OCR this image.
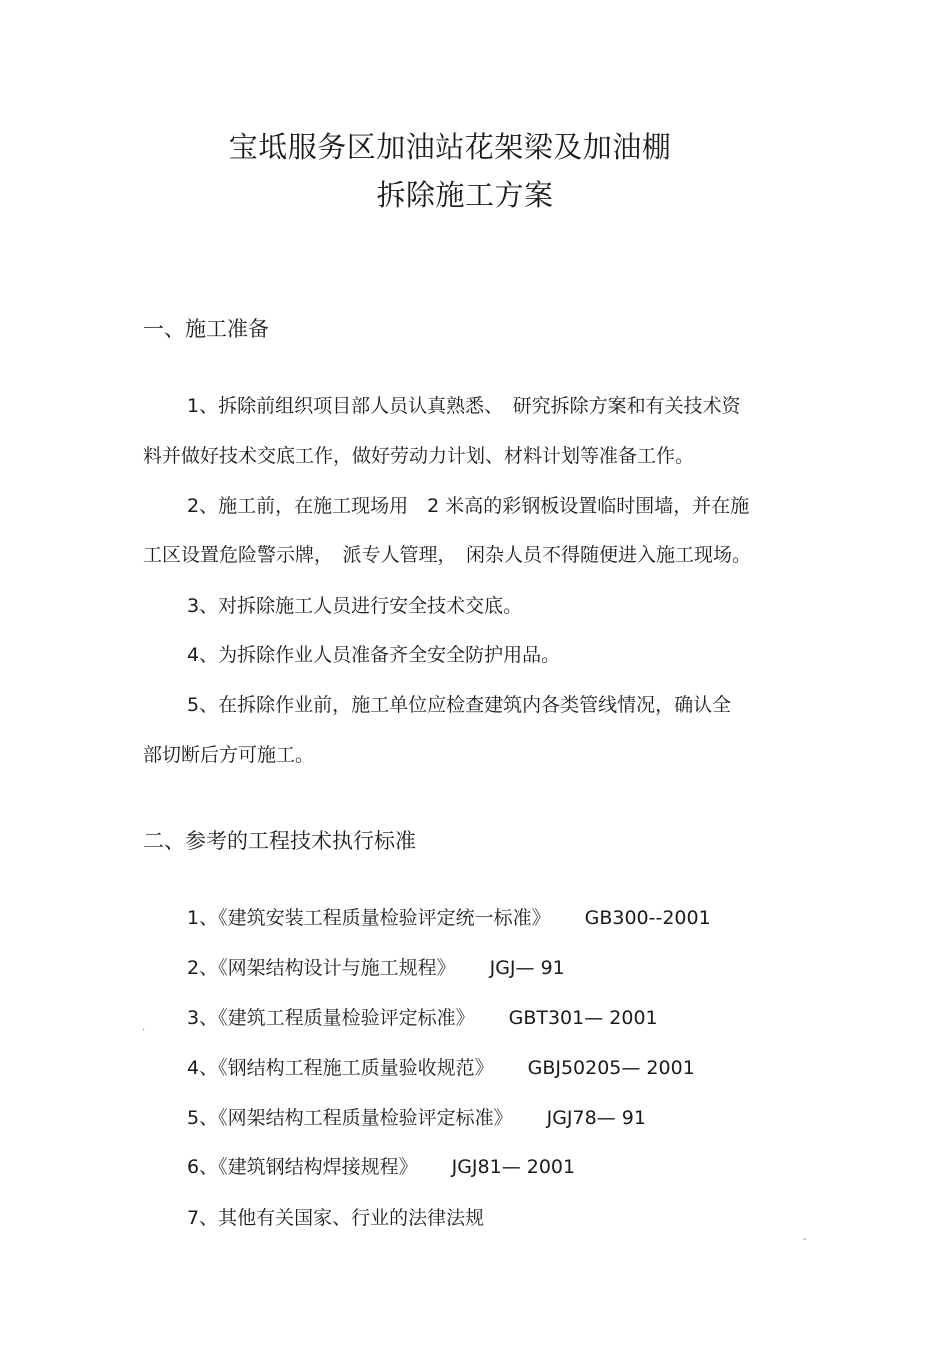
宝坻服务区加油站花架梁及加油棚
拆除施工方案
一、施工准备
1、拆除前组织项目部人员认真熟悉、　研究拆除方案和有关技术资
料并做好技术交底工作，做好劳动力计划、材料计划等准备工作。
2、施工前，在施工现场用　2 米高的彩钢板设置临时围墙，并在施
工区设置危险警示牌，　派专人管理，　闲杂人员不得随便进入施工现场。
3、对拆除施工人员进行安全技术交底。
4、为拆除作业人员准备齐全安全防护用品。
5、在拆除作业前，施工单位应检查建筑内各类管线情况，确认全
部切断后方可施工。
二、参考的工程技术执行标准
1、《建筑安装工程质量检验评定统一标准》 GB300--2001
2、《网架结构设计与施工规程》 JGJ— 91
3、《建筑工程质量检验评定标准》 GBT301— 2001
4、《钢结构工程施工质量验收规范》 GBJ50205— 2001
5、《网架结构工程质量检验评定标准》 JGJ78— 91
6、《建筑钢结构焊接规程》 JGJ81— 2001
7、其他有关国家、行业的法律法规
.
-
